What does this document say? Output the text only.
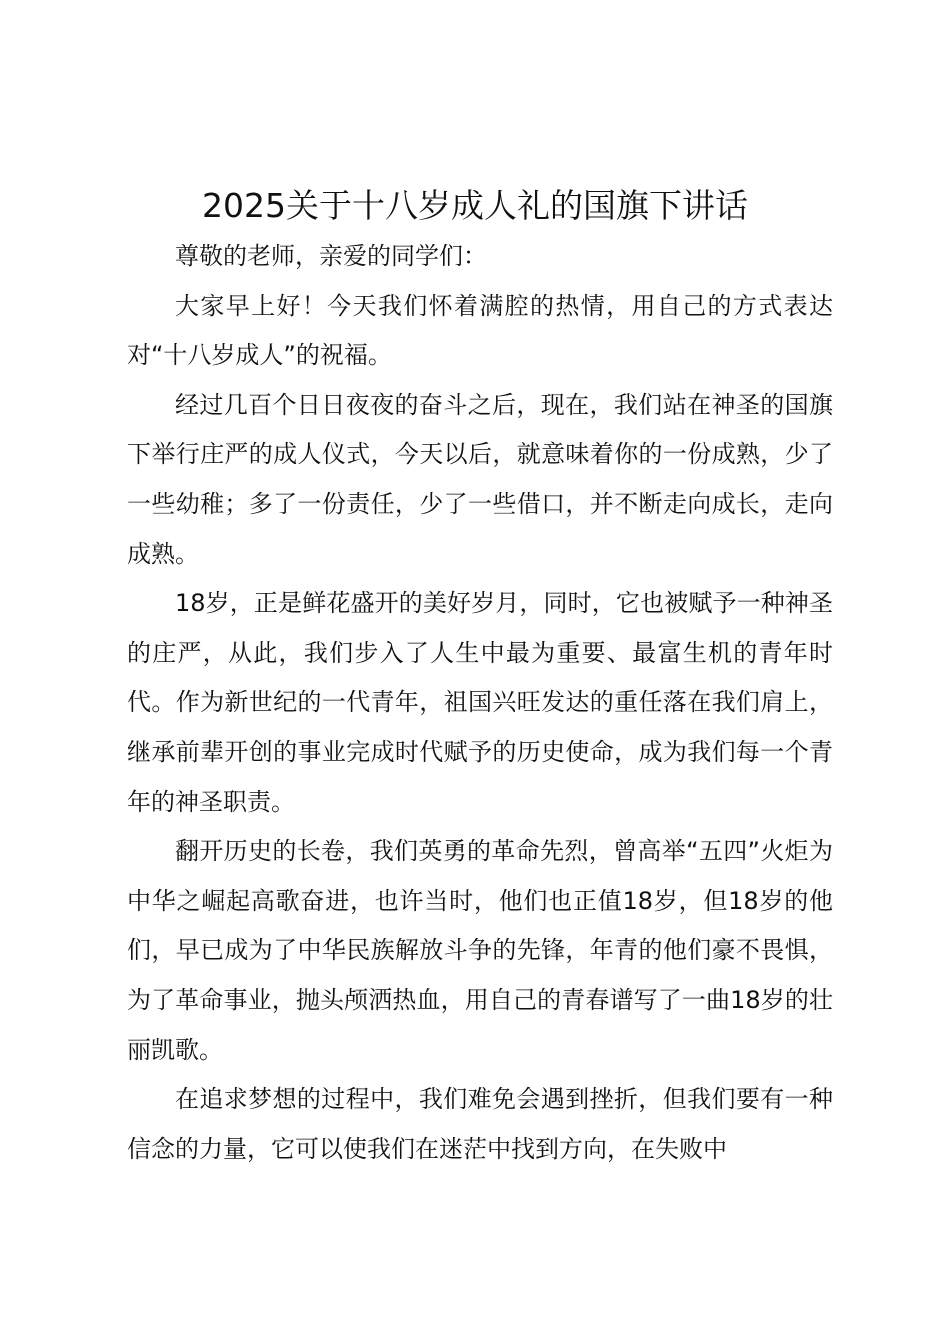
2025关于十八岁成人礼的国旗下讲话

尊敬的老师，亲爱的同学们：

大家早上好！今天我们怀着满腔的热情，用自己的方式表达对“十八岁成人”的祝福。

经过几百个日日夜夜的奋斗之后，现在，我们站在神圣的国旗下举行庄严的成人仪式，今天以后，就意味着你的一份成熟，少了一些幼稚；多了一份责任，少了一些借口，并不断走向成长，走向成熟。

18岁，正是鲜花盛开的美好岁月，同时，它也被赋予一种神圣的庄严，从此，我们步入了人生中最为重要、最富生机的青年时代。作为新世纪的一代青年，祖国兴旺发达的重任落在我们肩上，继承前辈开创的事业完成时代赋予的历史使命，成为我们每一个青年的神圣职责。

翻开历史的长卷，我们英勇的革命先烈，曾高举“五四”火炬为中华之崛起高歌奋进，也许当时，他们也正值18岁，但18岁的他们，早已成为了中华民族解放斗争的先锋，年青的他们豪不畏惧，为了革命事业，抛头颅洒热血，用自己的青春谱写了一曲18岁的壮丽凯歌。

在追求梦想的过程中，我们难免会遇到挫折，但我们要有一种信念的力量，它可以使我们在迷茫中找到方向，在失败中
